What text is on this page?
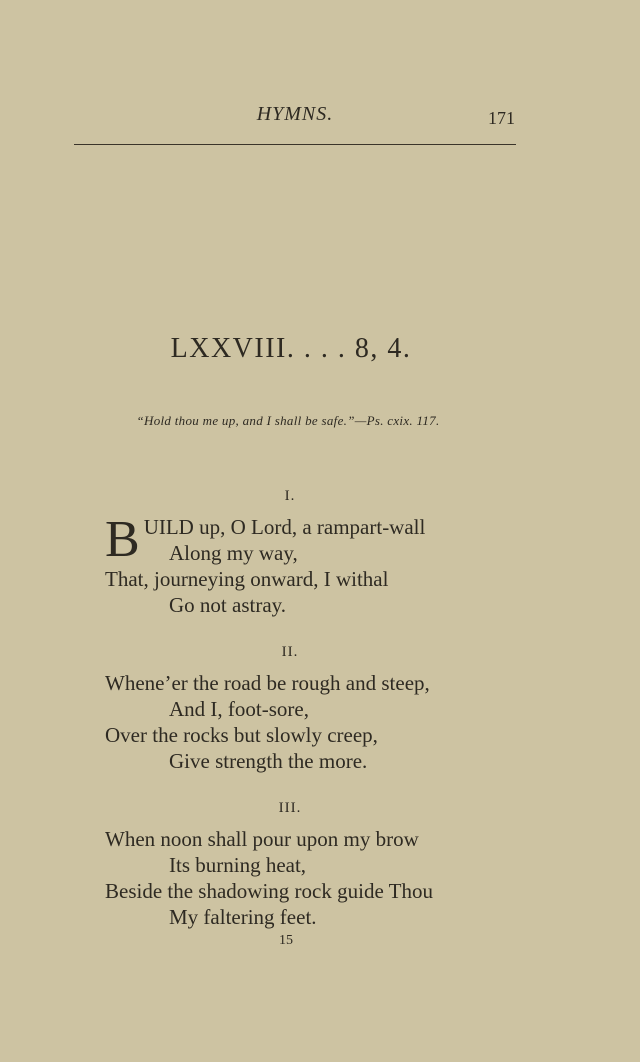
HYMNS.	171
LXXVIII. . . . 8, 4.
“Hold thou me up, and I shall be safe.”—Ps. cxix. 117.
I.
B UILD up, O Lord, a rampart-wall
Along my way,
That, journeying onward, I withal
Go not astray.
II.
Whene’er the road be rough and steep,
And I, foot-sore,
Over the rocks but slowly creep,
Give strength the more.
III.
When noon shall pour upon my brow
Its burning heat,
Beside the shadowing rock guide Thou
My faltering feet.
15
